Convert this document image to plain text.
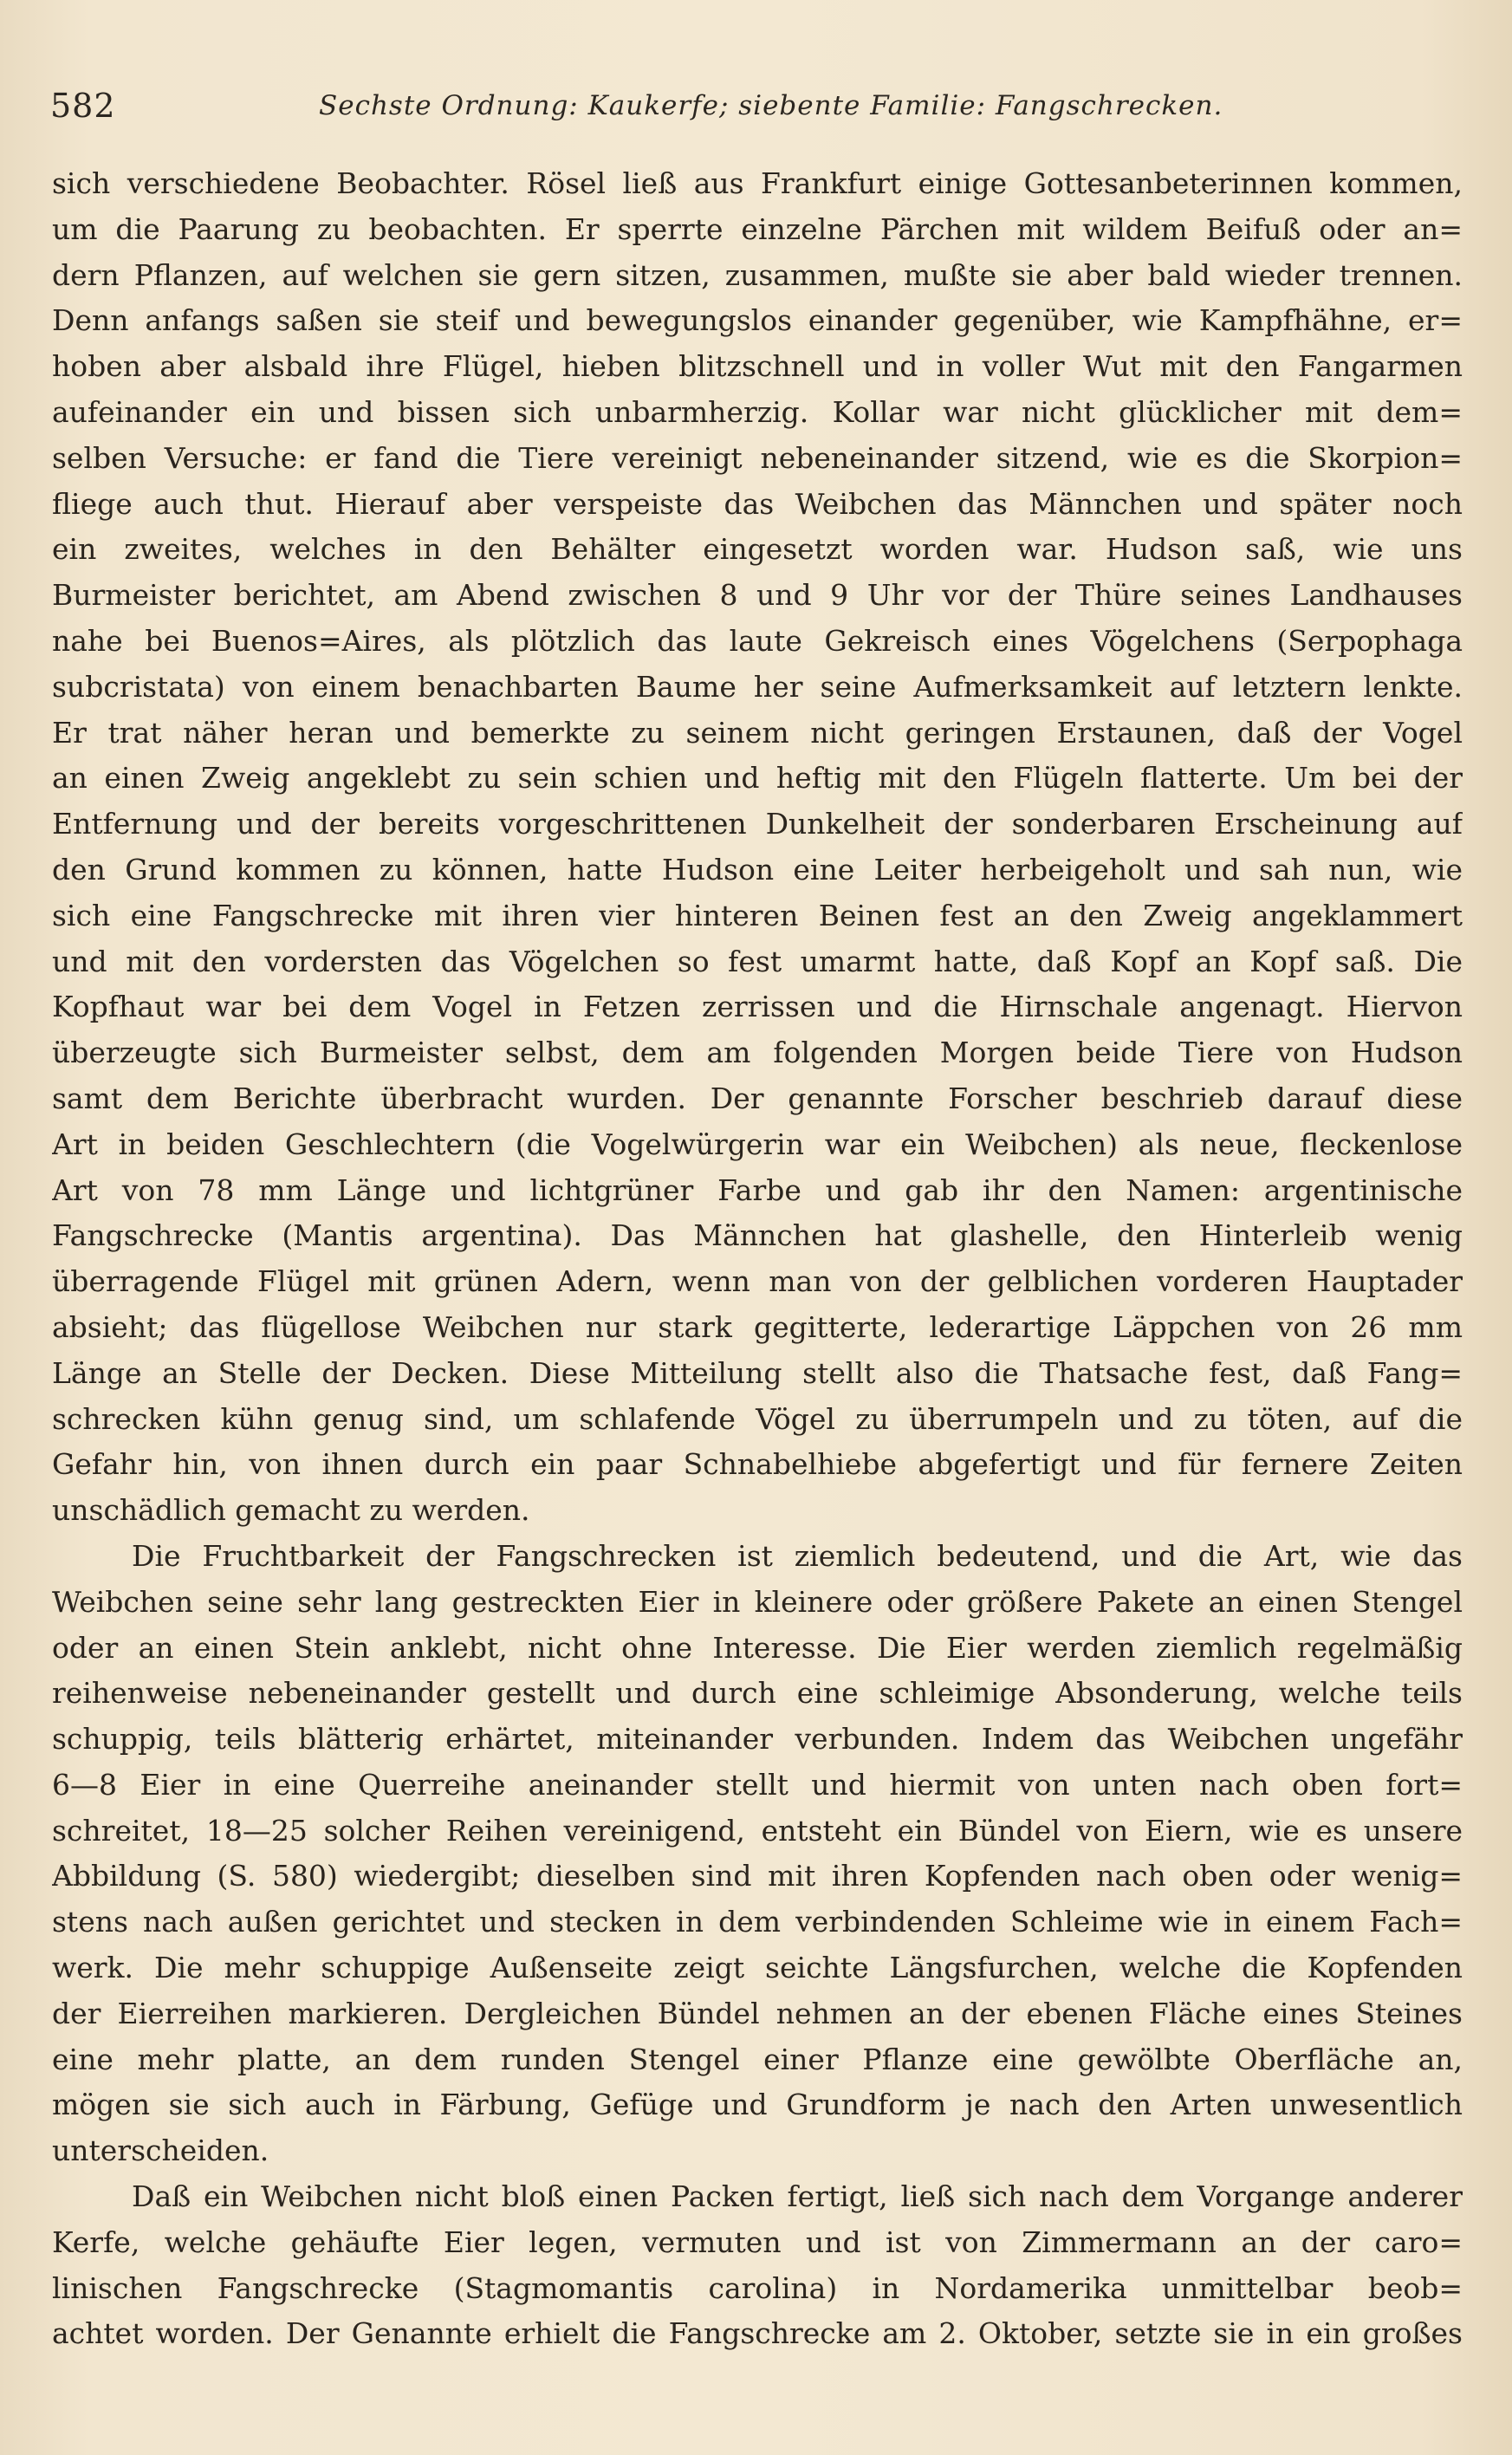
582	Sechste Ordnung: Kaukerfe; siebente Familie: Fangschrecken.
sich verschiedene Beobachter. Rösel ließ aus Frankfurt einige Gottesanbeterinnen kommen,
um die Paarung zu beobachten. Er sperrte einzelne Pärchen mit wildem Beifuß oder an=
dern Pflanzen, auf welchen sie gern sitzen, zusammen, mußte sie aber bald wieder trennen.
Denn anfangs saßen sie steif und bewegungslos einander gegenüber, wie Kampfhähne, er=
hoben aber alsbald ihre Flügel, hieben blitzschnell und in voller Wut mit den Fangarmen
aufeinander ein und bissen sich unbarmherzig. Kollar war nicht glücklicher mit dem=
selben Versuche: er fand die Tiere vereinigt nebeneinander sitzend, wie es die Skorpion=
fliege auch thut. Hierauf aber verspeiste das Weibchen das Männchen und später noch
ein zweites, welches in den Behälter eingesetzt worden war. Hudson saß, wie uns
Burmeister berichtet, am Abend zwischen 8 und 9 Uhr vor der Thüre seines Landhauses
nahe bei Buenos=Aires, als plötzlich das laute Gekreisch eines Vögelchens (Serpophaga
subcristata) von einem benachbarten Baume her seine Aufmerksamkeit auf letztern lenkte.
Er trat näher heran und bemerkte zu seinem nicht geringen Erstaunen, daß der Vogel
an einen Zweig angeklebt zu sein schien und heftig mit den Flügeln flatterte. Um bei der
Entfernung und der bereits vorgeschrittenen Dunkelheit der sonderbaren Erscheinung auf
den Grund kommen zu können, hatte Hudson eine Leiter herbeigeholt und sah nun, wie
sich eine Fangschrecke mit ihren vier hinteren Beinen fest an den Zweig angeklammert
und mit den vordersten das Vögelchen so fest umarmt hatte, daß Kopf an Kopf saß. Die
Kopfhaut war bei dem Vogel in Fetzen zerrissen und die Hirnschale angenagt. Hiervon
überzeugte sich Burmeister selbst, dem am folgenden Morgen beide Tiere von Hudson
samt dem Berichte überbracht wurden. Der genannte Forscher beschrieb darauf diese
Art in beiden Geschlechtern (die Vogelwürgerin war ein Weibchen) als neue, fleckenlose
Art von 78 mm Länge und lichtgrüner Farbe und gab ihr den Namen: argentinische
Fangschrecke (Mantis argentina). Das Männchen hat glashelle, den Hinterleib wenig
überragende Flügel mit grünen Adern, wenn man von der gelblichen vorderen Hauptader
absieht; das flügellose Weibchen nur stark gegitterte, lederartige Läppchen von 26 mm
Länge an Stelle der Decken. Diese Mitteilung stellt also die Thatsache fest, daß Fang=
schrecken kühn genug sind, um schlafende Vögel zu überrumpeln und zu töten, auf die
Gefahr hin, von ihnen durch ein paar Schnabelhiebe abgefertigt und für fernere Zeiten
unschädlich gemacht zu werden.
Die Fruchtbarkeit der Fangschrecken ist ziemlich bedeutend, und die Art, wie das
Weibchen seine sehr lang gestreckten Eier in kleinere oder größere Pakete an einen Stengel
oder an einen Stein anklebt, nicht ohne Interesse. Die Eier werden ziemlich regelmäßig
reihenweise nebeneinander gestellt und durch eine schleimige Absonderung, welche teils
schuppig, teils blätterig erhärtet, miteinander verbunden. Indem das Weibchen ungefähr
6—8 Eier in eine Querreihe aneinander stellt und hiermit von unten nach oben fort=
schreitet, 18—25 solcher Reihen vereinigend, entsteht ein Bündel von Eiern, wie es unsere
Abbildung (S. 580) wiedergibt; dieselben sind mit ihren Kopfenden nach oben oder wenig=
stens nach außen gerichtet und stecken in dem verbindenden Schleime wie in einem Fach=
werk. Die mehr schuppige Außenseite zeigt seichte Längsfurchen, welche die Kopfenden
der Eierreihen markieren. Dergleichen Bündel nehmen an der ebenen Fläche eines Steines
eine mehr platte, an dem runden Stengel einer Pflanze eine gewölbte Oberfläche an,
mögen sie sich auch in Färbung, Gefüge und Grundform je nach den Arten unwesentlich
unterscheiden.
Daß ein Weibchen nicht bloß einen Packen fertigt, ließ sich nach dem Vorgange anderer
Kerfe, welche gehäufte Eier legen, vermuten und ist von Zimmermann an der caro=
linischen Fangschrecke (Stagmomantis carolina) in Nordamerika unmittelbar beob=
achtet worden. Der Genannte erhielt die Fangschrecke am 2. Oktober, setzte sie in ein großes
